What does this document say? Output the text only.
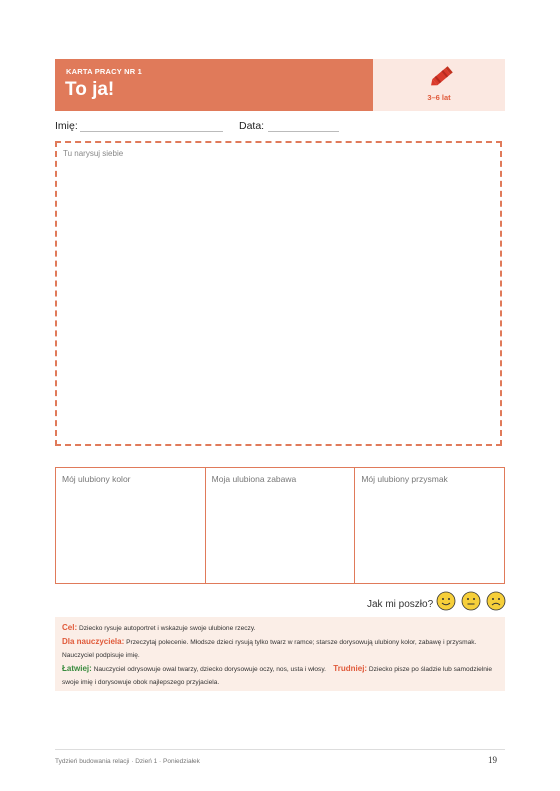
KARTA PRACY NR 1
To ja!	3–6 lat
Imię:	Data:
Tu narysuj siebie
Mój ulubiony kolor	Moja ulubiona zabawa	Mój ulubiony przysmak
Jak mi poszło?

Cel: Dziecko rysuje autoportret i wskazuje swoje ulubione rzeczy.

Dla nauczyciela: Przeczytaj polecenie. Młodsze dzieci rysują tylko twarz w ramce; starsze dorysowują ulubiony kolor, zabawę i przysmak. Nauczyciel podpisuje imię.

Łatwiej: Nauczyciel odrysowuje owal twarzy, dziecko dorysowuje oczy, nos, usta i włosy. Trudniej: Dziecko pisze po śladzie lub samodzielnie swoje imię i dorysowuje obok najlepszego przyjaciela.

Tydzień budowania relacji · Dzień 1 · Poniedziałek	19
